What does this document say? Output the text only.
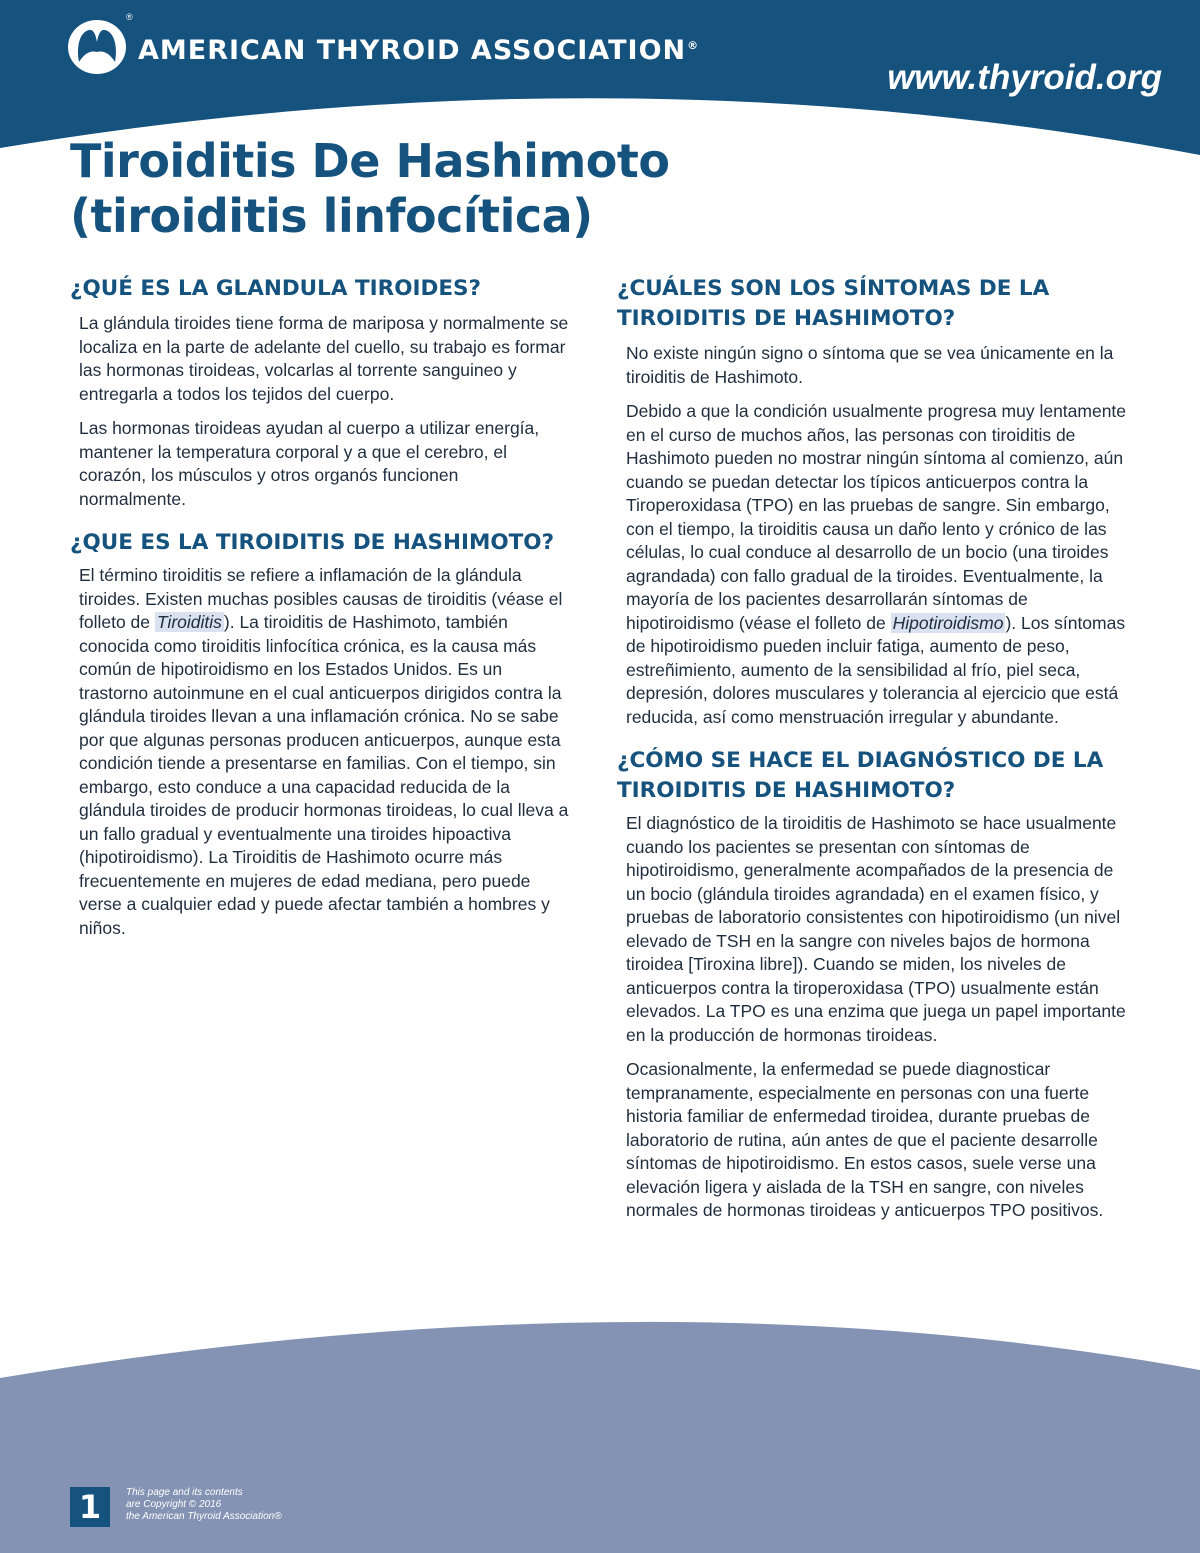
AMERICAN THYROID ASSOCIATION®
®
www.thyroid.org
Tiroiditis De Hashimoto
(tiroiditis linfocítica)
¿QUÉ ES LA GLANDULA TIROIDES?

La glándula tiroides tiene forma de mariposa y normalmente se localiza en la parte de adelante del cuello, su trabajo es formar las hormonas tiroideas, volcarlas al torrente sanguineo y entregarla a todos los tejidos del cuerpo.

Las hormonas tiroideas ayudan al cuerpo a utilizar energía, mantener la temperatura corporal y a que el cerebro, el corazón, los músculos y otros organós funcionen normalmente.

¿QUE ES LA TIROIDITIS DE HASHIMOTO?

El término tiroiditis se refiere a inflamación de la glándula tiroides. Existen muchas posibles causas de tiroiditis (véase el folleto de Tiroiditis ). La tiroiditis de Hashimoto, también conocida como tiroiditis linfocítica crónica, es la causa más común de hipotiroidismo en los Estados Unidos. Es un trastorno autoinmune en el cual anticuerpos dirigidos contra la glándula tiroides llevan a una inflamación crónica. No se sabe por que algunas personas producen anticuerpos, aunque esta condición tiende a presentarse en familias. Con el tiempo, sin embargo, esto conduce a una capacidad reducida de la glándula tiroides de producir hormonas tiroideas, lo cual lleva a un fallo gradual y eventualmente una tiroides hipoactiva (hipotiroidismo). La Tiroiditis de Hashimoto ocurre más frecuentemente en mujeres de edad mediana, pero puede verse a cualquier edad y puede afectar también a hombres y niños.

¿CUÁLES SON LOS SÍNTOMAS DE LA TIROIDITIS DE HASHIMOTO?

No existe ningún signo o síntoma que se vea únicamente en la tiroiditis de Hashimoto.

Debido a que la condición usualmente progresa muy lentamente en el curso de muchos años, las personas con tiroiditis de Hashimoto pueden no mostrar ningún síntoma al comienzo, aún cuando se puedan detectar los típicos anticuerpos contra la Tiroperoxidasa (TPO) en las pruebas de sangre. Sin embargo, con el tiempo, la tiroiditis causa un daño lento y crónico de las células, lo cual conduce al desarrollo de un bocio (una tiroides agrandada) con fallo gradual de la tiroides. Eventualmente, la mayoría de los pacientes desarrollarán síntomas de hipotiroidismo (véase el folleto de Hipotiroidismo ). Los síntomas de hipotiroidismo pueden incluir fatiga, aumento de peso, estreñimiento, aumento de la sensibilidad al frío, piel seca, depresión, dolores musculares y tolerancia al ejercicio que está reducida, así como menstruación irregular y abundante.

¿CÓMO SE HACE EL DIAGNÓSTICO DE LA TIROIDITIS DE HASHIMOTO?

El diagnóstico de la tiroiditis de Hashimoto se hace usualmente cuando los pacientes se presentan con síntomas de hipotiroidismo, generalmente acompañados de la presencia de un bocio (glándula tiroides agrandada) en el examen físico, y pruebas de laboratorio consistentes con hipotiroidismo (un nivel elevado de TSH en la sangre con niveles bajos de hormona tiroidea [Tiroxina libre]). Cuando se miden, los niveles de anticuerpos contra la tiroperoxidasa (TPO) usualmente están elevados. La TPO es una enzima que juega un papel importante en la producción de hormonas tiroideas.

Ocasionalmente, la enfermedad se puede diagnosticar tempranamente, especialmente en personas con una fuerte historia familiar de enfermedad tiroidea, durante pruebas de laboratorio de rutina, aún antes de que el paciente desarrolle síntomas de hipotiroidismo. En estos casos, suele verse una elevación ligera y aislada de la TSH en sangre, con niveles normales de hormonas tiroideas y anticuerpos TPO positivos.

1	This page and its contents
are Copyright © 2016
the American Thyroid Association®
